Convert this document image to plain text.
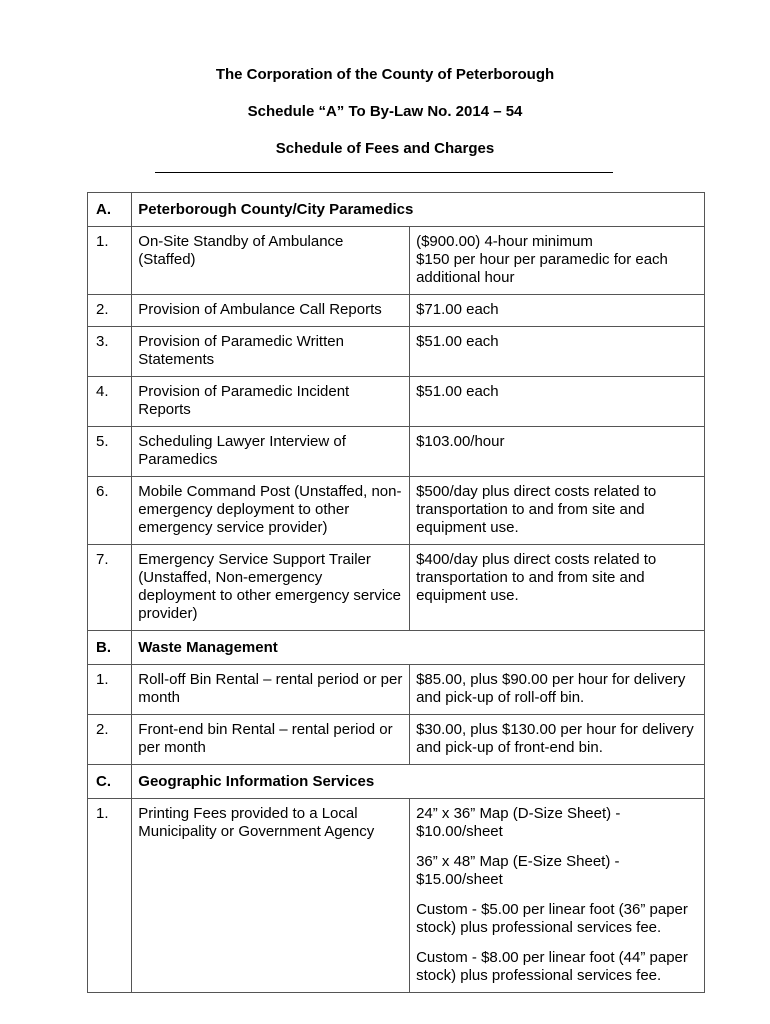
The Corporation of the County of Peterborough
Schedule “A” To By-Law No. 2014 – 54
Schedule of Fees and Charges
A.	Peterborough County/City Paramedics	
1.	On-Site Standby of Ambulance (Staffed)	($900.00) 4-hour minimum
$150 per hour per paramedic for each additional hour

2.	Provision of Ambulance Call Reports	$71.00 each

3.	Provision of Paramedic Written Statements	$51.00 each

4.	Provision of Paramedic Incident Reports	$51.00 each

5.	Scheduling Lawyer Interview of Paramedics	$103.00/hour

6.	Mobile Command Post (Unstaffed, non-emergency deployment to other emergency service provider)	$500/day plus direct costs related to transportation to and from site and equipment use.

7.	Emergency Service Support Trailer (Unstaffed, Non-emergency deployment to other emergency service provider)	$400/day plus direct costs related to transportation to and from site and equipment use.

B.	Waste Management	
1.	Roll-off Bin Rental – rental period or per month	$85.00, plus $90.00 per hour for delivery and pick-up of roll-off bin.

2.	Front-end bin Rental – rental period or per month	$30.00, plus $130.00 per hour for delivery and pick-up of front-end bin.

C.	Geographic Information Services	
1.	Printing Fees provided to a Local Municipality or Government Agency	24” x 36” Map (D-Size Sheet) - $10.00/sheet
36” x 48” Map (E-Size Sheet) - $15.00/sheet
Custom - $5.00 per linear foot (36” paper stock) plus professional services fee.
Custom - $8.00 per linear foot (44” paper stock) plus professional services fee.
